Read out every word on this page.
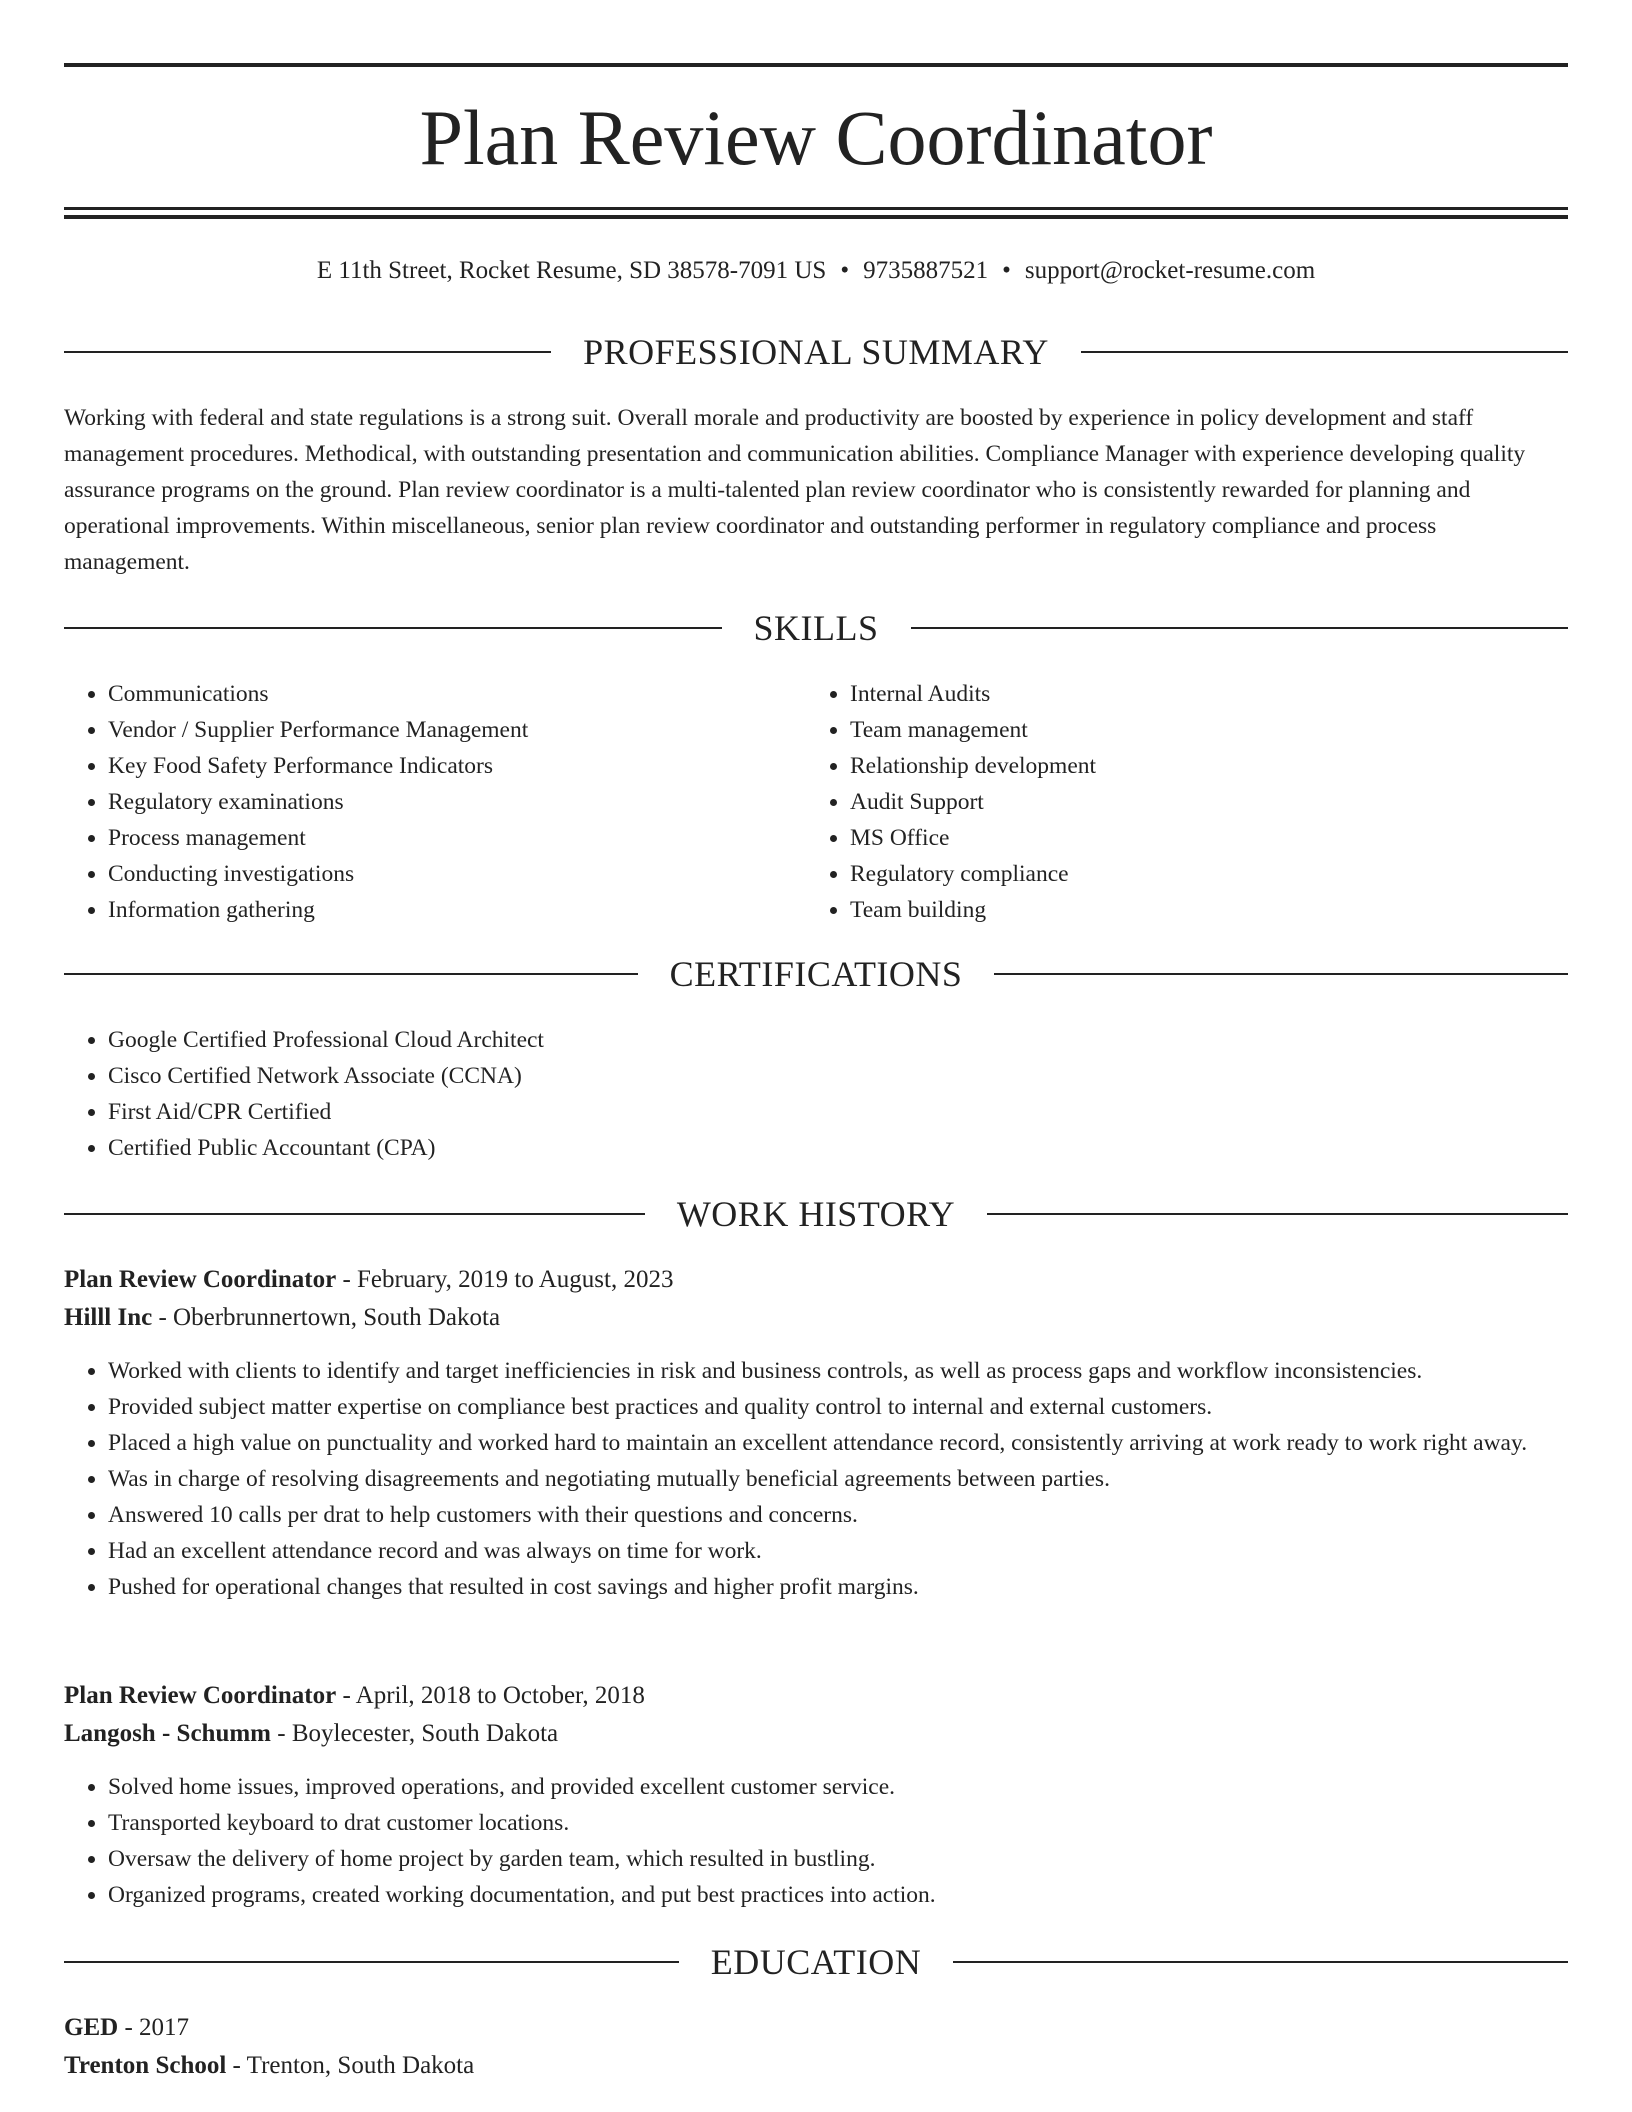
Plan Review Coordinator
E 11th Street, Rocket Resume, SD 38578-7091 US • 9735887521 • support@rocket-resume.com
PROFESSIONAL SUMMARY

Working with federal and state regulations is a strong suit. Overall morale and productivity are boosted by experience in policy development and staff management procedures. Methodical, with outstanding presentation and communication abilities. Compliance Manager with experience developing quality assurance programs on the ground. Plan review coordinator is a multi-talented plan review coordinator who is consistently rewarded for planning and operational improvements. Within miscellaneous, senior plan review coordinator and outstanding performer in regulatory compliance and process management.

SKILLS
• Communications
• Vendor / Supplier Performance Management
• Key Food Safety Performance Indicators
• Regulatory examinations
• Process management
• Conducting investigations
• Information gathering
• Internal Audits
• Team management
• Relationship development
• Audit Support
• MS Office
• Regulatory compliance
• Team building
CERTIFICATIONS
• Google Certified Professional Cloud Architect
• Cisco Certified Network Associate (CCNA)
• First Aid/CPR Certified
• Certified Public Accountant (CPA)
WORK HISTORY

Plan Review Coordinator - February, 2019 to August, 2023

Hilll Inc - Oberbrunnertown, South Dakota

• Worked with clients to identify and target inefficiencies in risk and business controls, as well as process gaps and workflow inconsistencies.
• Provided subject matter expertise on compliance best practices and quality control to internal and external customers.
• Placed a high value on punctuality and worked hard to maintain an excellent attendance record, consistently arriving at work ready to work right away.
• Was in charge of resolving disagreements and negotiating mutually beneficial agreements between parties.
• Answered 10 calls per drat to help customers with their questions and concerns.
• Had an excellent attendance record and was always on time for work.
• Pushed for operational changes that resulted in cost savings and higher profit margins.

Plan Review Coordinator - April, 2018 to October, 2018

Langosh - Schumm - Boylecester, South Dakota

• Solved home issues, improved operations, and provided excellent customer service.
• Transported keyboard to drat customer locations.
• Oversaw the delivery of home project by garden team, which resulted in bustling.
• Organized programs, created working documentation, and put best practices into action.
EDUCATION

GED - 2017

Trenton School - Trenton, South Dakota
